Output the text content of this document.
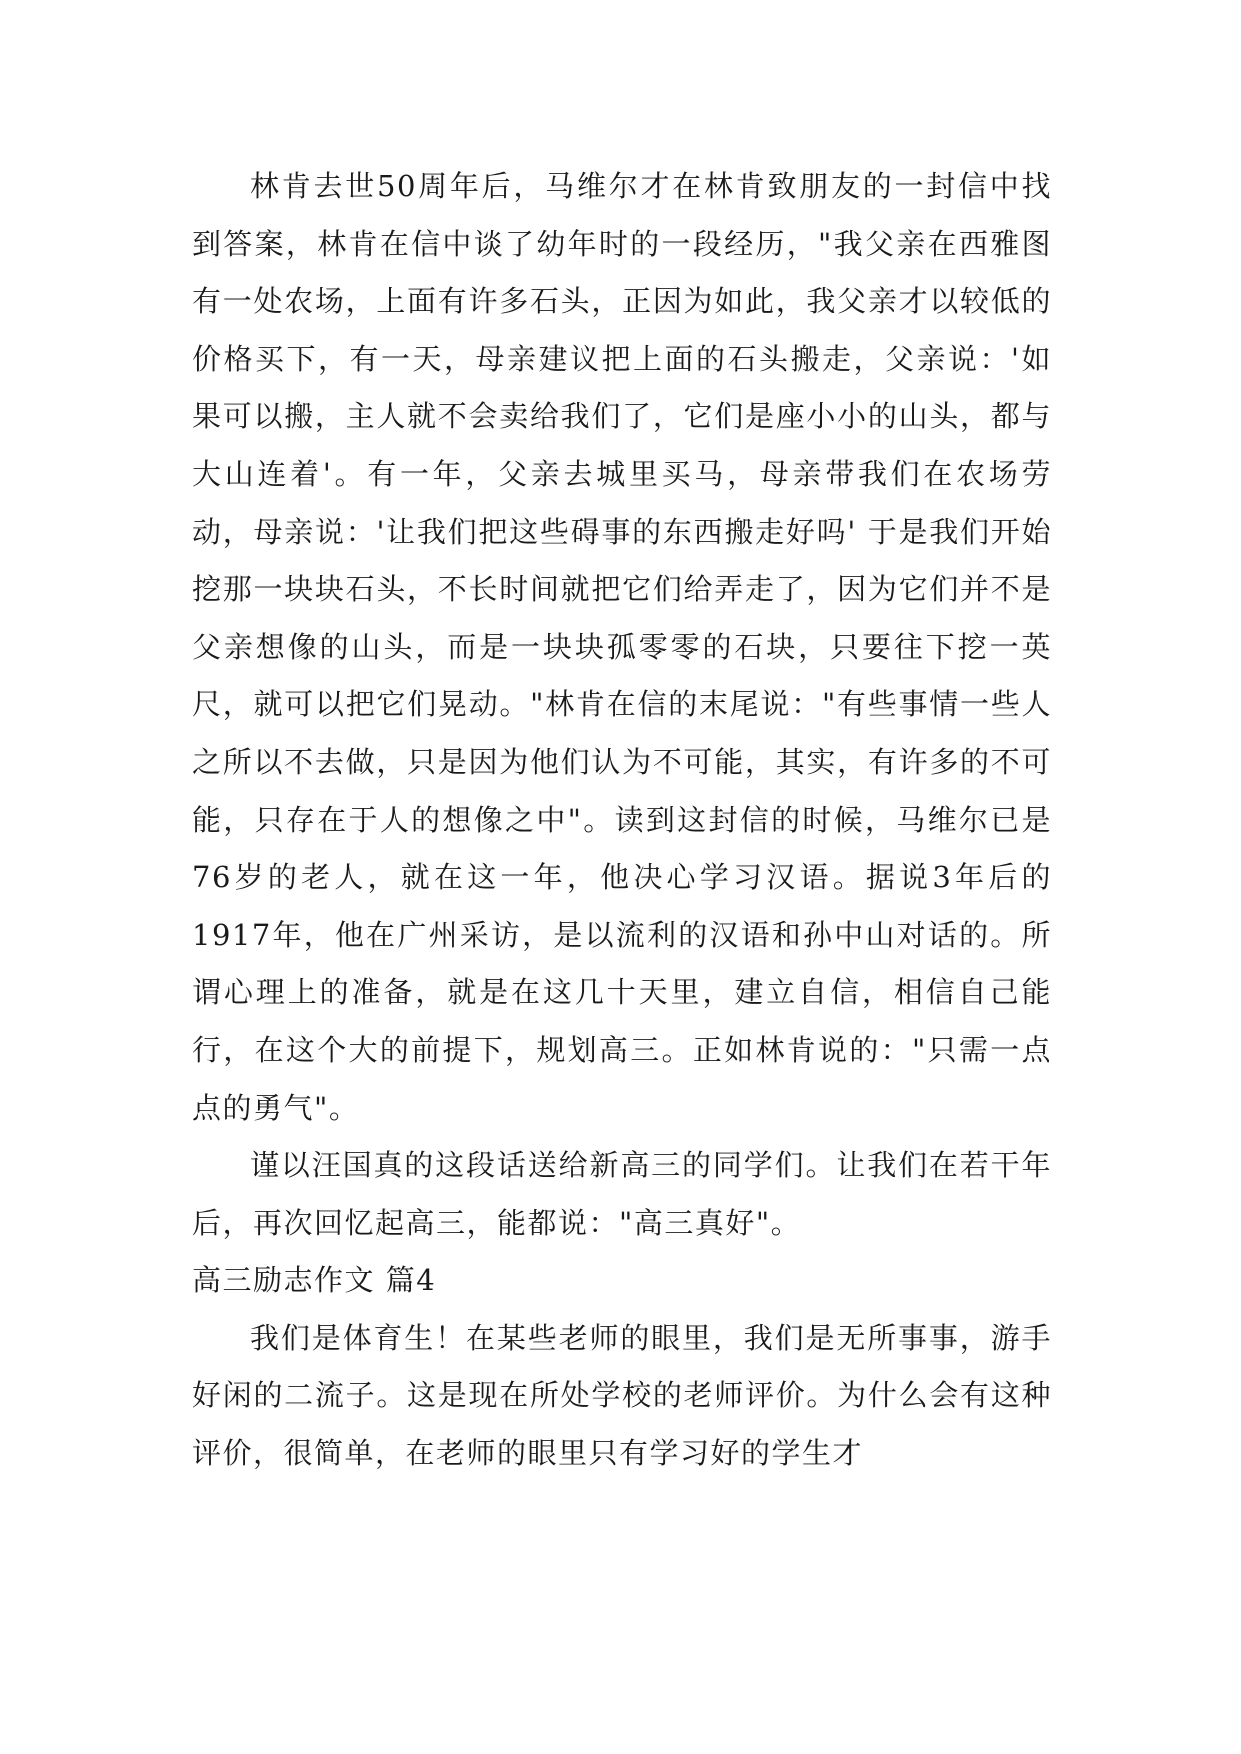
林肯去世50周年后，马维尔才在林肯致朋友的一封信中找到答案，林肯在信中谈了幼年时的一段经历，"我父亲在西雅图有一处农场，上面有许多石头，正因为如此，我父亲才以较低的价格买下，有一天，母亲建议把上面的石头搬走，父亲说：'如果可以搬，主人就不会卖给我们了，它们是座小小的山头，都与大山连着'。有一年，父亲去城里买马，母亲带我们在农场劳动，母亲说：'让我们把这些碍事的东西搬走好吗' 于是我们开始挖那一块块石头，不长时间就把它们给弄走了，因为它们并不是父亲想像的山头，而是一块块孤零零的石块，只要往下挖一英尺，就可以把它们晃动。"林肯在信的末尾说："有些事情一些人之所以不去做，只是因为他们认为不可能，其实，有许多的不可能，只存在于人的想像之中"。读到这封信的时候，马维尔已是76岁的老人，就在这一年，他决心学习汉语。据说3年后的1917年，他在广州采访，是以流利的汉语和孙中山对话的。所谓心理上的准备，就是在这几十天里，建立自信，相信自己能行，在这个大的前提下，规划高三。正如林肯说的："只需一点点的勇气"。

谨以汪国真的这段话送给新高三的同学们。让我们在若干年后，再次回忆起高三，能都说："高三真好"。

高三励志作文 篇4

我们是体育生！在某些老师的眼里，我们是无所事事，游手好闲的二流子。这是现在所处学校的老师评价。为什么会有这种评价，很简单，在老师的眼里只有学习好的学生才
